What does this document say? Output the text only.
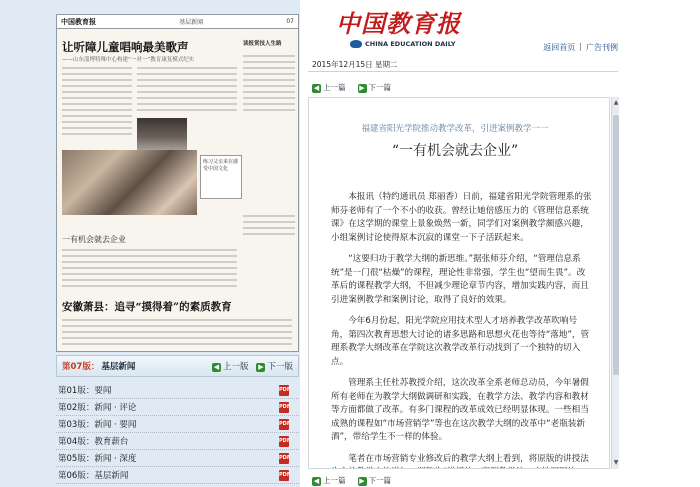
中国教育报	基层新闻	07
让听障儿童唱响最美歌声
——山东淄博特殊中心构建“一对一”教育康复模式纪实
读报赏技人生路
练习父亲来在感受中国文化
一有机会就去企业
安徽萧县：追寻“摸得着”的素质教育
第07版： 基层新闻	◀ 上一版 ▶ 下一版
第01版：要闻	PDF
第02版：新闻 · 评论	PDF
第03版：新闻 · 要闻	PDF
第04版：教育薪台	PDF
第05版：新闻 · 深度	PDF
第06版：基层新闻	PDF
中国教育报
CHINA EDUCATION DAILY	返回首页 | 广告刊例
2015年12月15日 星期二
◀ 上一篇 ▶ 下一篇
福建省阳光学院推动教学改革，引进案例教学一一
“一有机会就去企业”

本报讯（特约通讯员 郑丽香）日前，福建省阳光学院管理系的张师芬老师有了一个不小的收获。曾经让她倍感压力的《管理信息系统课》在这学期的课堂上景象焕然一新，同学们对案例教学颇感兴趣，小组案例讨论使得原本沉寂的课堂一下子活跃起来。

“这要归功于教学大纲的新思维。”据张师芬介绍，“管理信息系统”是一门很“枯燥”的课程，理论性非常强，学生也“望而生畏”。改革后的课程教学大纲，不但减少理论章节内容，增加实践内容，而且引进案例教学和案例讨论，取得了良好的效果。

今年6月份起，阳光学院应用技术型人才培养教学改革吹响号角，第四次教育思想大讨论的诸多思路和思想火花也等待“落地”，管理系教学大纲改革在学院这次教学改革行动找到了一个独特的切入点。

管理系主任杜苏教授介绍，这次改革全系老师总动员，今年暑假所有老师在为教学大纲做调研和实践，在教学方法、教学内容和教材等方面都做了改革。有多门课程的改革成效已经明显体现。一些相当成熟的课程如“市场营销学”等也在这次教学大纲的改革中“老瓶装新酒”，带给学生不一样的体验。

笔者在市场营销专业修改后的教学大纲上看到，将原版的讲授法

▲
▼
◀ 上一篇 ▶ 下一篇
